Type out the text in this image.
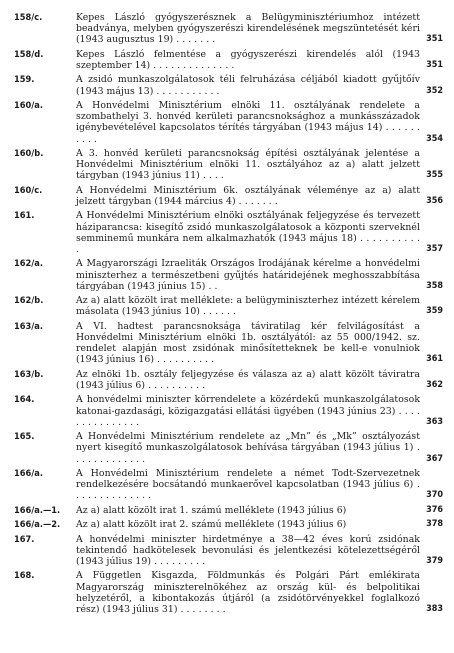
158/c.	Kepes László gyógyszerésznek a Belügyminisztériumhoz intézett beadványa, melyben gyógyszerészi kirendelésének megszüntetését kéri (1943 augusztus 19) . . . . . . .	351
158/d.	Kepes László felmentése a gyógyszerészi kirendelés alól (1943 szeptember 14) . . . . . . . . . . . . . .	351
159.	A zsidó munkaszolgálatosok téli felruházása céljából kiadott gyűjtőív (1943 május 13) . . . . . . . . . . .	352
160/a.	A Honvédelmi Minisztérium elnöki 11. osztályának rendelete a szombathelyi 3. honvéd kerületi parancsnoksághoz a munkásszázadok igénybevételével kapcsolatos térítés tárgyában (1943 május 14) . . . . . . . . . .	354
160/b.	A 3. honvéd kerületi parancsnokság építési osztályának jelentése a Honvédelmi Minisztérium elnöki 11. osztályához az a) alatt jelzett tárgyban (1943 június 11) . . . .	355
160/c.	A Honvédelmi Minisztérium 6k. osztályának véleménye az a) alatt jelzett tárgyban (1944 március 4) . . . . . . .	356
161.	A Honvédelmi Minisztérium elnöki osztályának feljegyzése és tervezett háziparancsa: kisegítő zsidó munkaszolgálatosok a központi szerveknél semminemű munkára nem alkalmazhatók (1943 május 18) . . . . . . . . . . .	357
162/a.	A Magyarországi Izraeliták Országos Irodájának kérelme a honvédelmi miniszterhez a természetbeni gyűjtés határidejének meghosszabbítása tárgyában (1943 június 15) . .	358
162/b.	Az a) alatt közölt irat melléklete: a belügyminiszterhez intézett kérelem másolata (1943 június 10) . . . . . .	359
163/a.	A VI. hadtest parancsnoksága táviratilag kér felvilágosítást a Honvédelmi Minisztérium elnöki 1b. osztályától: az 55 000/1942. sz. rendelet alapján most zsidónak minősítetteknek be kell-e vonulniok (1943 június 16) . . . . . . . . . .	361
163/b.	Az elnöki 1b. osztály feljegyzése és válasza az a) alatt közölt táviratra (1943 július 6) . . . . . . . . . .	362
164.	A honvédelmi miniszter körrendelete a közérdekű munkaszolgálatosok katonai-gazdasági, közigazgatási ellátási ügyében (1943 június 23) . . . . . . . . . . . . . . .	363
165.	A Honvédelmi Minisztérium rendelete az „Mn” és „Mk” osztályozást nyert kisegítő munkaszolgálatosok behívása tárgyában (1943 július 1) . . . . . . . . . . . . .	367
166/a.	A Honvédelmi Minisztérium rendelete a német Todt-Szervezetnek rendelkezésére bocsátandó munkaerővel kapcsolatban (1943 július 6) . . . . . . . . . . . . . .	370
166/a.—1. Az a) alatt közölt irat 1. számú melléklete (1943 július 6)	376
166/a.—2. Az a) alatt közölt irat 2. számú melléklete (1943 július 6)	378
167.	A honvédelmi miniszter hirdetménye a 38—42 éves korú zsidónak tekintendő hadkötelesek bevonulási és jelentkezési kötelezettségéről (1943 július 19) . . . . . . . . .	379
168.	A Független Kisgazda, Földmunkás és Polgári Párt emlékirata Magyarország miniszterelnökéhez az ország kül- és belpolitikai helyzetéről, a kibontakozás útjáról (a zsidótörvényekkel foglalkozó rész) (1943 július 31) . . . . . . . .	383
